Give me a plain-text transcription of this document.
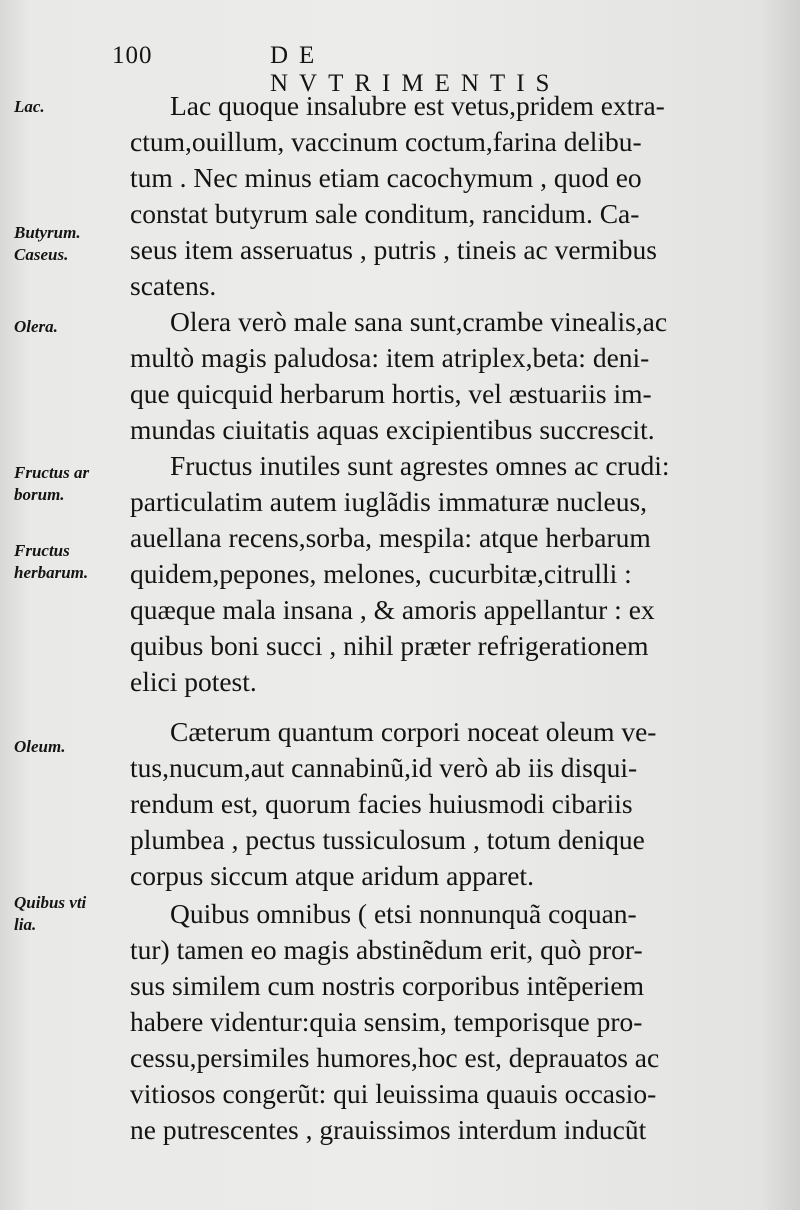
100	DE NVTRIMENTIS
Lac.
Butyrum.
Caseus.
Olera.
Fructus ar
borum.
Fructus
herbarum.
Oleum.
Quibus vti
lia.
Lac quoque insalubre est vetus,pridem extra-
ctum,ouillum, vaccinum coctum,farina delibu-
tum . Nec minus etiam cacochymum , quod eo
constat butyrum sale conditum, rancidum. Ca-
seus item asseruatus , putris , tineis ac vermibus
scatens.
Olera verò male sana sunt,crambe vinealis,ac
multò magis paludosa: item atriplex,beta: deni-
que quicquid herbarum hortis, vel æstuariis im-
mundas ciuitatis aquas excipientibus succrescit.
Fructus inutiles sunt agrestes omnes ac crudi:
particulatim autem iuglãdis immaturæ nucleus,
auellana recens,sorba, mespila: atque herbarum
quidem,pepones, melones, cucurbitæ,citrulli :
quæque mala insana , & amoris appellantur : ex
quibus boni succi , nihil præter refrigerationem
elici potest.
Cæterum quantum corpori noceat oleum ve-
tus,nucum,aut cannabinũ,id verò ab iis disqui-
rendum est, quorum facies huiusmodi cibariis
plumbea , pectus tussiculosum , totum denique
corpus siccum atque aridum apparet.
Quibus omnibus ( etsi nonnunquã coquan-
tur) tamen eo magis abstinẽdum erit, quò pror-
sus similem cum nostris corporibus intẽperiem
habere videntur:quia sensim, temporisque pro-
cessu,persimiles humores,hoc est, deprauatos ac
vitiosos congerũt: qui leuissima quauis occasio-
ne putrescentes , grauissimos interdum inducũt
